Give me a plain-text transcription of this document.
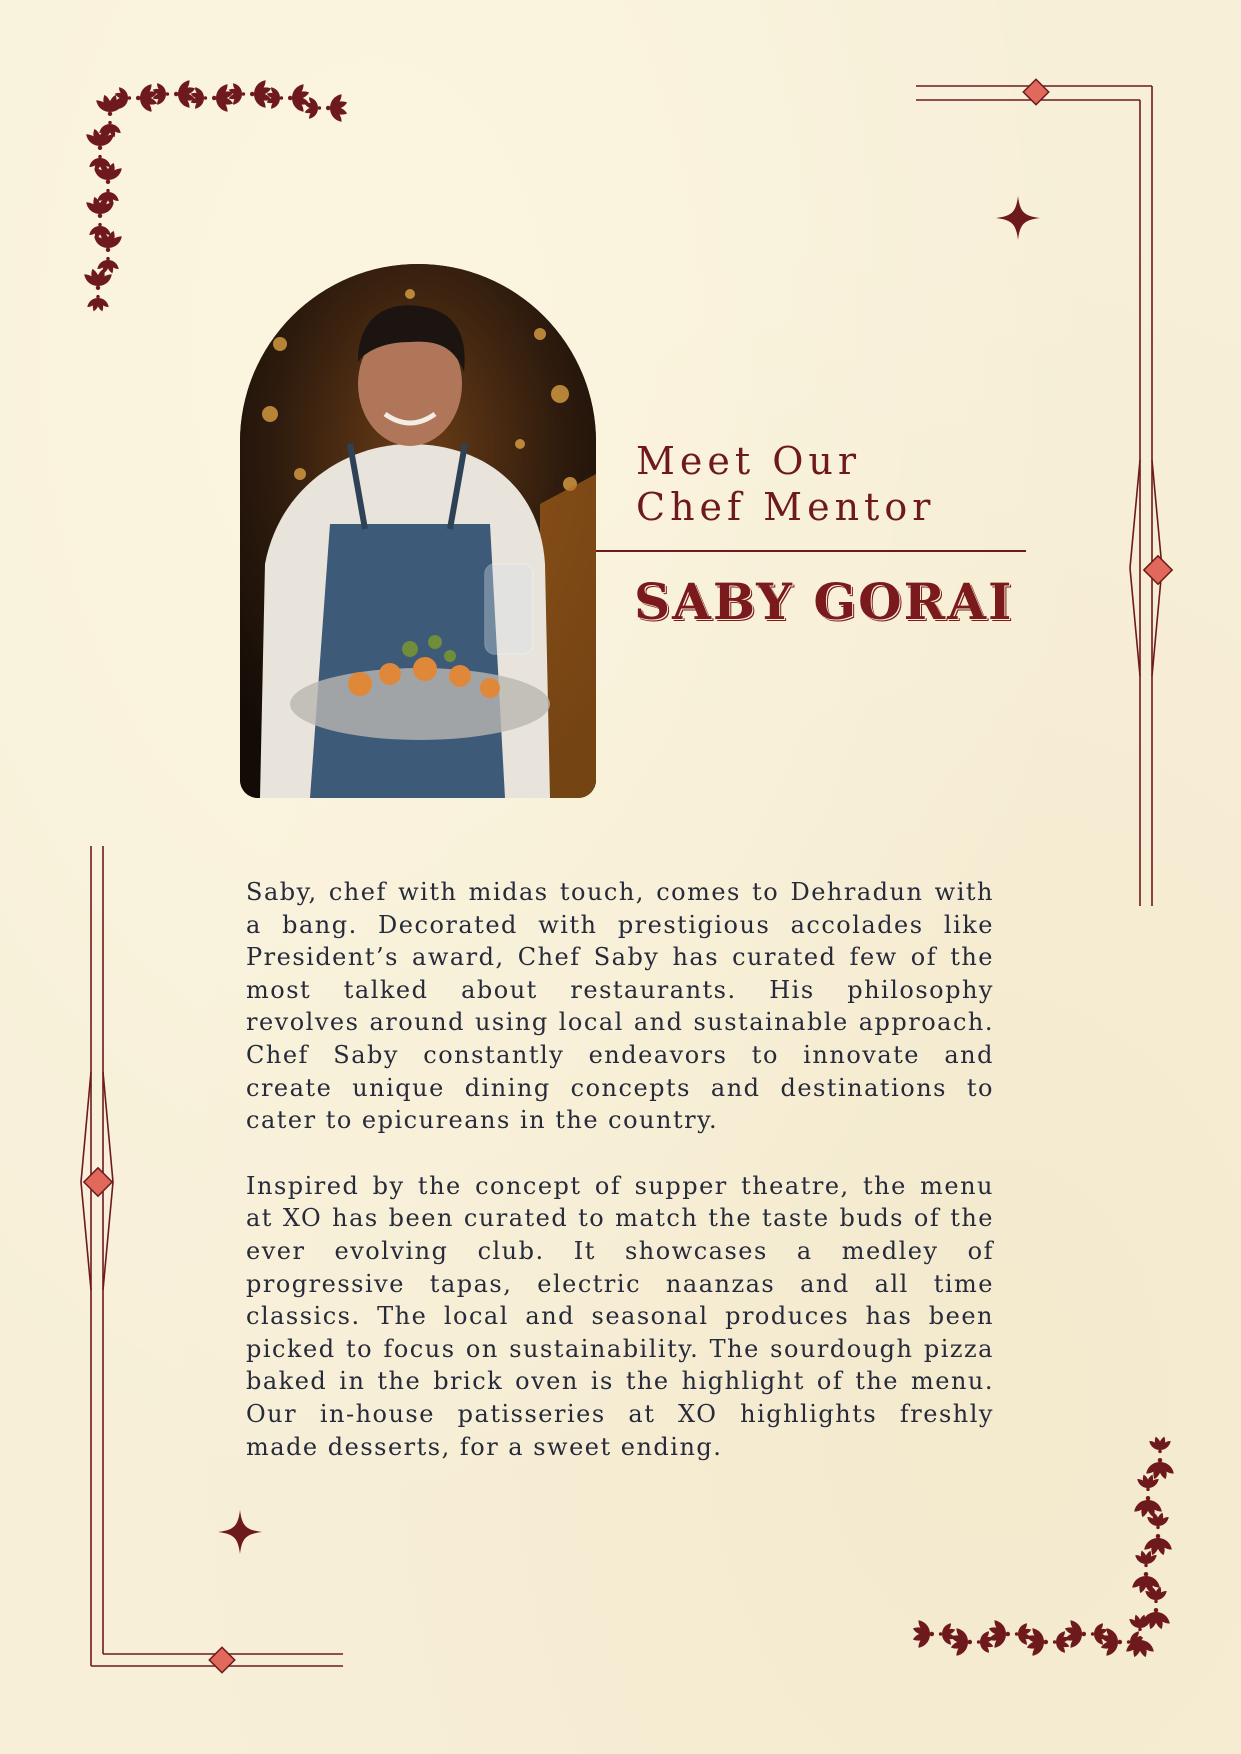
Meet Our
Chef Mentor
SABY GORAI

Saby, chef with midas touch, comes to Dehradun with a bang. Decorated with prestigious accolades like President’s award, Chef Saby has curated few of the most talked about restaurants. His philosophy revolves around using local and sustainable approach. Chef Saby constantly endeavors to innovate and create unique dining concepts and destinations to cater to epicureans in the country.

Inspired by the concept of supper theatre, the menu at XO has been curated to match the taste buds of the ever evolving club. It showcases a medley of progressive tapas, electric naanzas and all time classics. The local and seasonal produces has been picked to focus on sustainability. The sourdough pizza baked in the brick oven is the highlight of the menu. Our in-house patisseries at XO highlights freshly made desserts, for a sweet ending.
